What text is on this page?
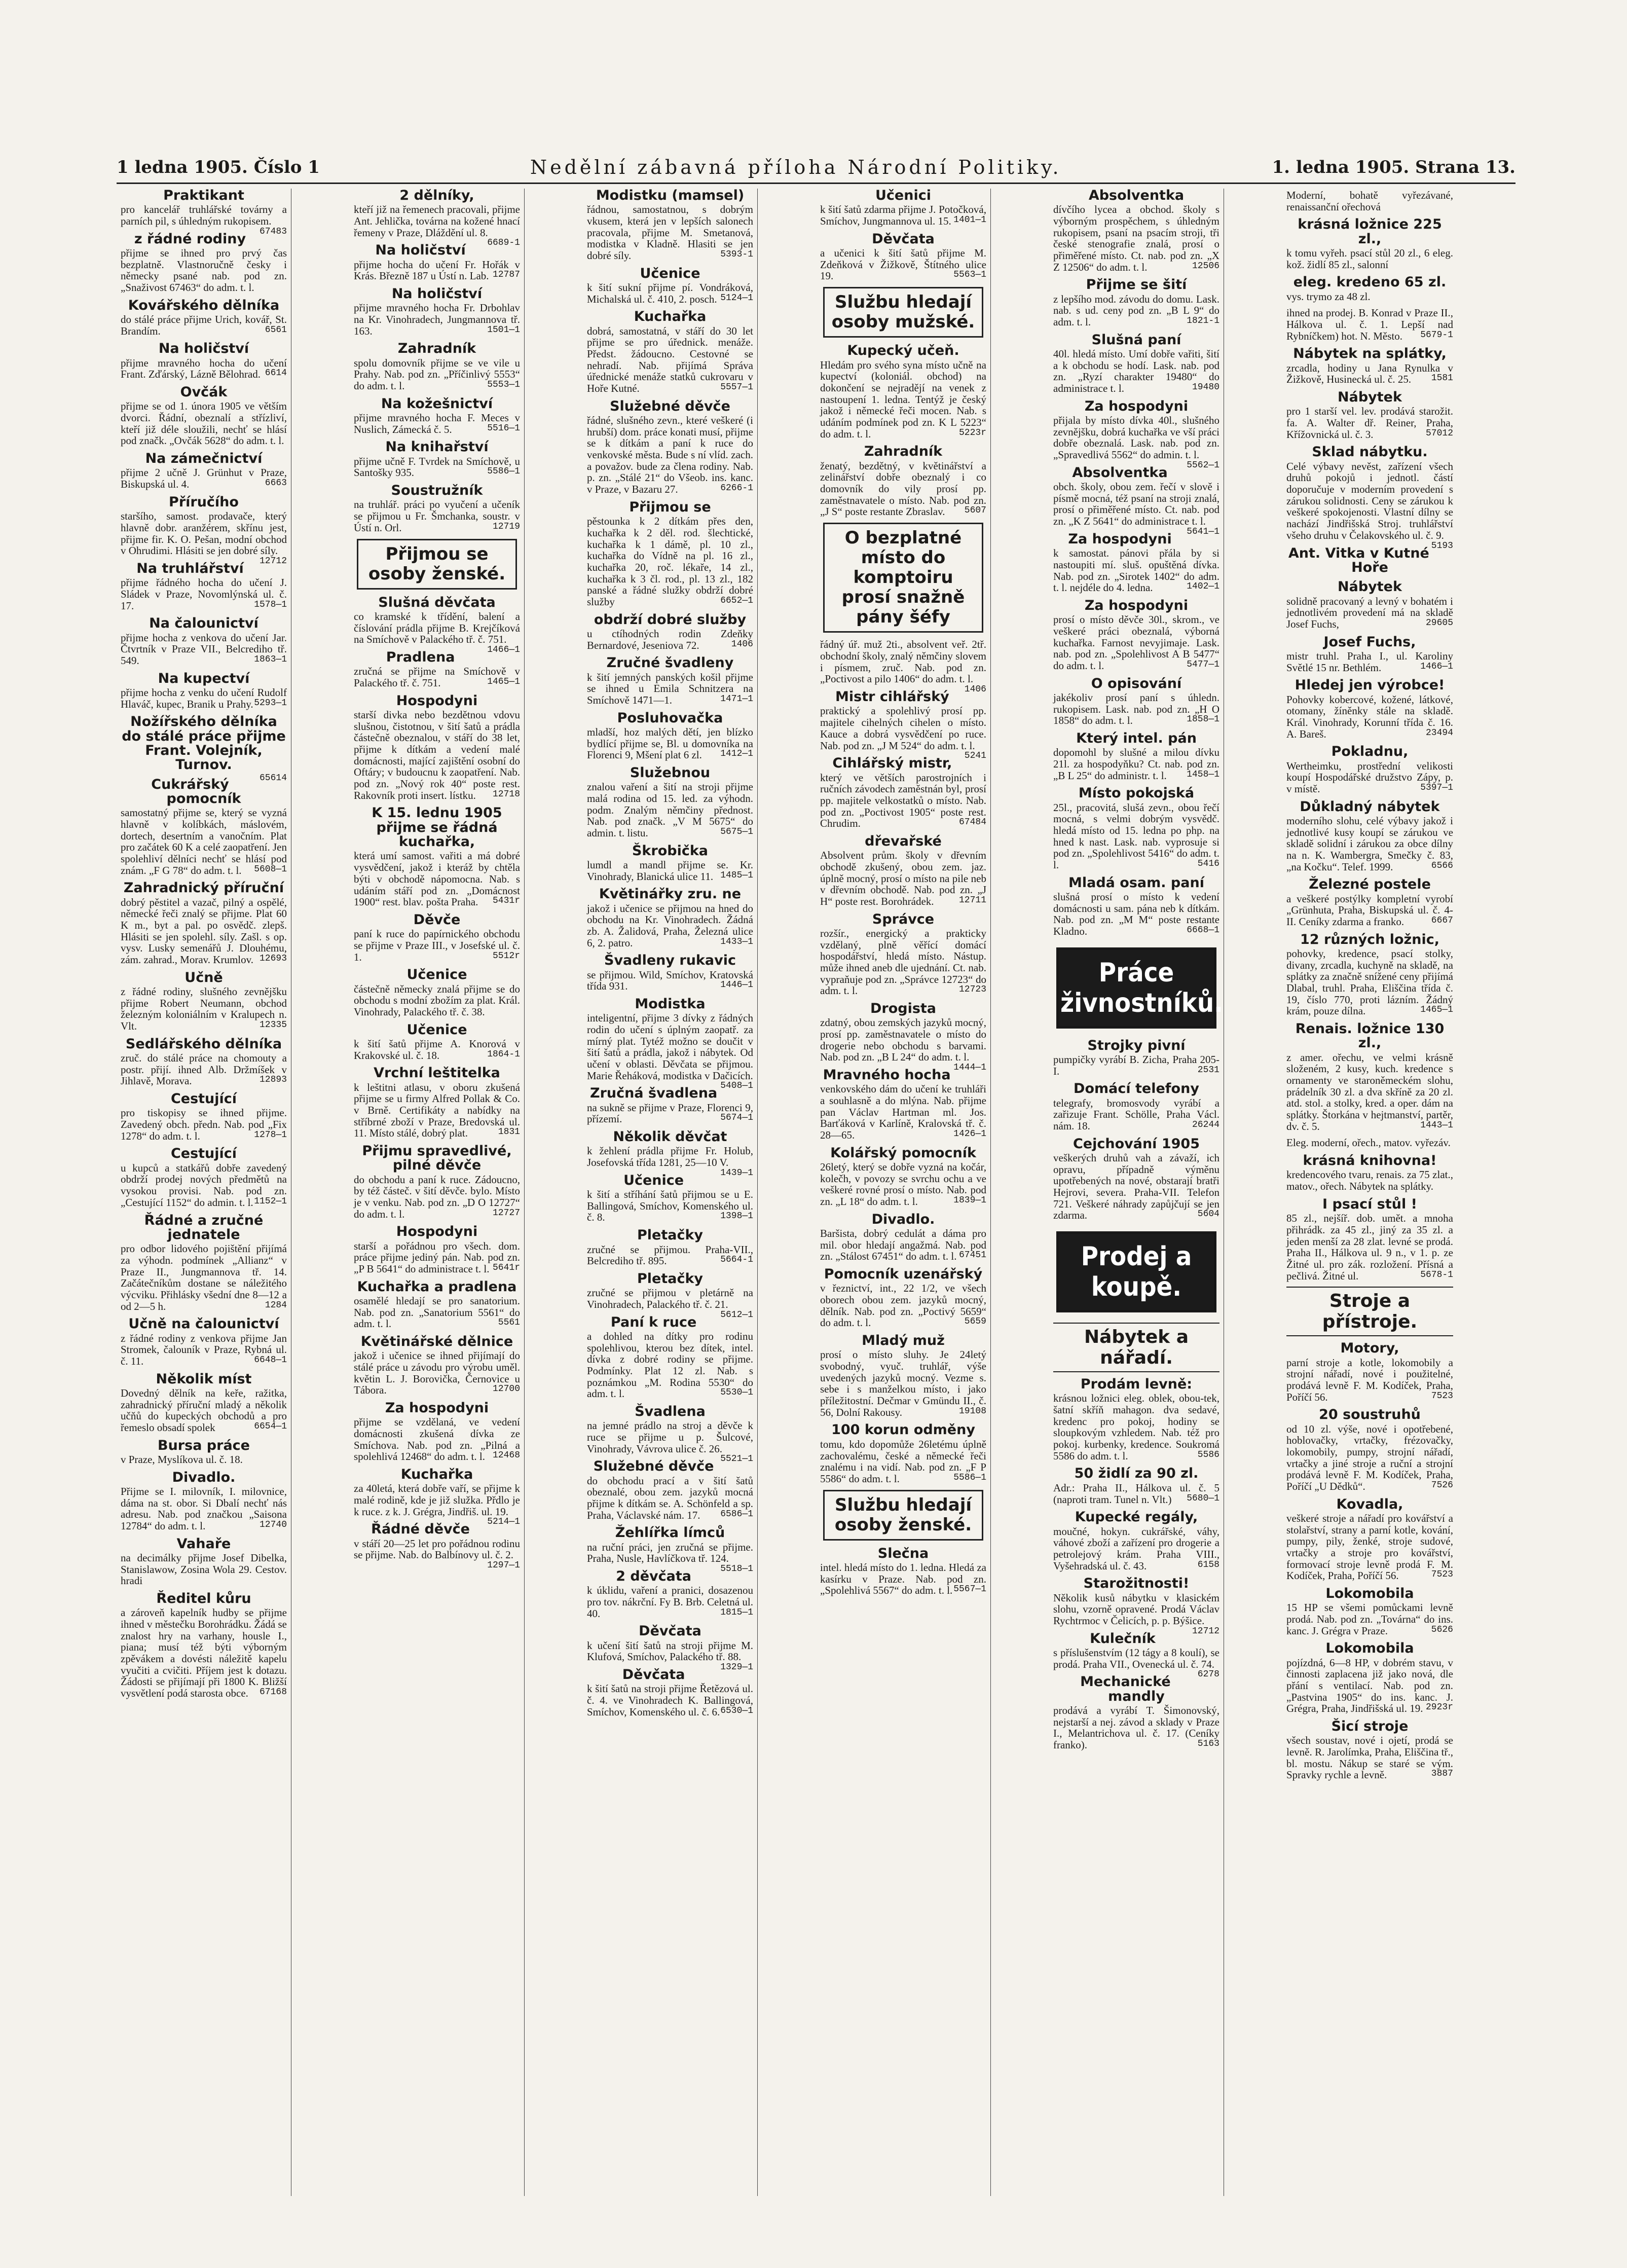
1 ledna 1905. Číslo 1	Nedělní zábavná příloha Národní Politiky.	1. ledna 1905. Strana 13.
Praktikant

pro kancelář truhlářské továrny a parních pil, s úhledným rukopisem.
67483

z řádné rodiny

přijme se ihned pro prvý čas bezplatně. Vlastnoručně česky i německy psané nab. pod zn. „Snaživost 67463“ do adm. t. l.

Kovářského dělníka

do stálé práce přijme Urich, kovář, St. Brandím.	6561

Na holičství

přijme mravného hocha do učení Frant. Zďárský, Lázně Bělohrad. 6614

Ovčák

přijme se od 1. února 1905 ve větším dvorci. Řádní, obeznalí a střízliví, kteří již déle sloužili, nechť se hlásí pod značk. „Ovčák 5628“ do adm. t. l.

Na zámečnictví

přijme 2 učně J. Grünhut v Praze, Biskupská ul. 4.	6663

Příručího

staršího, samost. prodavače, který hlavně dobr. aranžérem, skřínu jest, přijme fir. K. O. Pešan, modní obchod v Ohrudimi. Hlásiti se jen dobré síly.
12712

Na truhlářství

přijme řádného hocha do učení J. Sládek v Praze, Novomlýnská ul. č. 17.	1578—1

Na čalounictví

přijme hocha z venkova do učení Jar. Čtvrtník v Praze VII., Belcrediho tř. 549.	1863—1

Na kupectví

přijme hocha z venku do učení Rudolf Hlaváč, kupec, Branik u Prahy. 5293—1

Nožířského dělníka do stálé práce přijme Frant. Volejník, Turnov.

65614

Cukrářský pomocník

samostatný přijme se, který se vyzná hlavně v kolíbkách, máslovém, dortech, desertním a vanočním. Plat pro začátek 60 K a celé zaopatření. Jen spolehliví dělníci nechť se hlásí pod znám. „F G 78“ do adm. t. l. 5608—1

Zahradnický příruční

dobrý pěstitel a vazač, pilný a ospělé, německé řeči znalý se přijme. Plat 60 K m., byt a pal. po osvědč. zlepš. Hlásiti se jen spolehl. síly. Zašl. s op. vysv. Lusky semenářů J. Dlouhému, zám. zahrad., Morav. Krumlov. 12693

Učně

z řádné rodiny, slušného zevnějšku přijme Robert Neumann, obchod železným koloniálním v Kralupech n. Vlt.	12335

Sedlářského dělníka

zruč. do stálé práce na chomouty a postr. přijí. ihned Alb. Držmíšek v Jihlavě, Morava.	12893

Cestující

pro tiskopisy se ihned přijme. Zavedený obch. předn. Nab. pod „Fix 1278“ do adm. t. l.	1278—1

Cestující

u kupců a statkářů dobře zavedený obdrží prodej nových předmětů na vysokou provisi. Nab. pod zn. „Cestující 1152“ do admin. t. l. 1152—1

Řádné a zručné jednatele

pro odbor lidového pojištění přijímá za výhodn. podmínek „Allianz“ v Praze II., Jungmannova tř. 14. Začátečníkům dostane se náležitého výcviku. Přihlásky všední dne 8—12 a od 2—5 h.	1284

Učně na čalounictví

z řádné rodiny z venkova přijme Jan Stromek, čalouník v Praze, Rybná ul. č. 11.	6648—1

Několik míst

Dovedný dělník na keře, ražitka, zahradnický příruční mladý a několik učňů do kupeckých obchodů a pro řemeslo obsadí spolek	6654—1

Bursa práce

v Praze, Myslíkova ul. č. 18.

Divadlo.

Přijme se I. milovník, I. milovnice, dáma na st. obor. Si Dbalí nechť nás adresu. Nab. pod značkou „Saisona 12784“ do adm. t. l.	12740

Vahaře

na decimálky přijme Josef Dibelka, Stanislawow, Zosina Wola 29. Cestov. hradi

Ředitel kůru

a zároveň kapelník hudby se přijme ihned v městečku Borohrádku. Žádá se znalost hry na varhany, housle I., piana; musí též býti výborným zpěvákem a dovésti náležitě kapelu vyučiti a cvičiti. Příjem jest k dotazu. Žádosti se přijímají při 1800 K. Bližší vysvětlení podá starosta obce. 67168

2 dělníky,

kteří již na řemenech pracovali, přijme Ant. Jehlička, továrna na kožené hnací řemeny v Praze, Dláždění ul. 8.
6689-1

Na holičství

přijme hocha do učení Fr. Hořák v Krás. Březně 187 u Ústí n. Lab. 12787

Na holičství

přijme mravného hocha Fr. Drbohlav na Kr. Vinohradech, Jungmannova tř. 163.	1501—1

Zahradník

spolu domovník přijme se ve vile u Prahy. Nab. pod zn. „Příčinlivý 5553“ do adm. t. l.	5553—1

Na kožešnictví

přijme mravného hocha F. Meces v Nuslich, Zámecká č. 5.	5516—1

Na knihařství

přijme učně F. Tvrdek na Smíchově, u Santošky 935.	5586—1

Soustružník

na truhlář. práci po vyučení a učeník se přijmou u Fr. Šmchanka, soustr. v Ústí n. Orl.	12719

Přijmou se osoby ženské.
Slušná děvčata

co kramské k třídění, balení a číslování prádla přijme B. Krejčíková na Smíchově v Palackého tř. č. 751.
1466—1

Pradlena

zručná se přijme na Smíchově v Palackého tř. č. 751.	1465—1

Hospodyni

starší divka nebo bezdětnou vdovu slušnou, čistotnou, v šití šatů a prádla částečně obeznalou, v stáří do 38 let, přijme k dítkám a vedení malé domácnosti, mající zajištění osobní do Oftáry; v budoucnu k zaopatření. Nab. pod zn. „Nový rok 40“ poste rest. Rakovník proti insert. lístku. 12718

K 15. lednu 1905 přijme se řádná kuchařka,

která umí samost. vařiti a má dobré vysvědčení, jakož i kteráž by chtěla býti v obchodě nápomocna. Nab. s udáním stáří pod zn. „Domácnost 1900“ rest. blav. pošta Praha. 5431r

Děvče

paní k ruce do papírnického obchodu se přijme v Praze III., v Josefské ul. č. 1.	5512r

Učenice

částečně německy znalá přijme se do obchodu s modní zbožím za plat. Král. Vinohrady, Palackého tř. č. 38.

Učenice

k šití šatů přijme A. Knorová v Krakovské ul. č. 18.	1864-1

Vrchní leštitelka

k leštitni atlasu, v oboru zkušená přijme se u firmy Alfred Pollak & Co. v Brně. Certifikáty a nabídky na stříbrné zboží v Praze, Bredovská ul. 11. Místo stálé, dobrý plat.	1831

Přijmu spravedlivé, pilné děvče

do obchodu a paní k ruce. Zádoucno, by též částeč. v šití děvče. bylo. Místo je v venku. Nab. pod zn. „D O 12727“ do adm. t. l.	12727

Hospodyni

starší a pořádnou pro všech. dom. práce přijme jediný pán. Nab. pod zn. „P B 5641“ do administrace t. l. 5641r

Kuchařka a pradlena

osamělé hledají se pro sanatorium. Nab. pod zn. „Sanatorium 5561“ do adm. t. l.	5561

Květinářské dělnice

jakož i učenice se ihned přijímají do stálé práce u závodu pro výrobu uměl. květin L. J. Borovička, Černovice u Tábora.	12700

Za hospodyni

přijme se vzdělaná, ve vedení domácnosti zkušená dívka ze Smíchova. Nab. pod zn. „Pilná a spolehlivá 12468“ do adm. t. l. 12468

Kuchařka

za 40letá, která dobře vaří, se přijme k malé rodině, kde je již služka. Přdlo je k ruce. z k. J. Grégra, Jindřiš. ul. 19.
5214—1

Řádné děvče

v stáří 20—25 let pro pořádnou rodinu se přijme. Nab. do Balbínovy ul. č. 2.
1297—1

Modistku (mamsel)

řádnou, samostatnou, s dobrým vkusem, která jen v lepších salonech pracovala, přijme M. Smetanová, modistka v Kladně. Hlasiti se jen dobré síly.	5393-1

Učenice

k šití sukní přijme pí. Vondráková, Michalská ul. č. 410, 2. posch. 5124—1

Kuchařka

dobrá, samostatná, v stáří do 30 let přijme se pro úřednick. menáže. Předst. žádoucno. Cestovné se nehradí. Nab. přijímá Správa úřednické menáže statků cukrovaru v Hoře Kutné.	5557—1

Služebné děvče

řádné, slušného zevn., které veškeré (i hrubší) dom. práce konati musí, přijme se k dítkám a paní k ruce do venkovské města. Bude s ní vlíd. zach. a považov. bude za člena rodiny. Nab. p. zn. „Stálé 21“ do Všeob. ins. kanc. v Praze, v Bazaru 27.	6266-1

Přijmou se

pěstounka k 2 dítkám přes den, kuchařka k 2 děl. rod. šlechtické, kuchařka k 1 dámě, pl. 10 zl., kuchařka do Vídně na pl. 16 zl., kuchařka 20, roč. lékaře, 14 zl., kuchařka k 3 čl. rod., pl. 13 zl., 182 panské a řádné služky obdrží dobré služby	6652—1

obdrží dobré služby

u ctíhodných rodin Zdeňky Bernardové, Jeseniova 72.	1406

Zručné švadleny

k šití jemných panských košil přijme se ihned u Emila Schnitzera na Smíchově 1471—1.	1471—1

Posluhovačka

mladší, hoz malých dětí, jen blízko bydlící přijme se, Bl. u domovníka na Florenci 9, Mšení plat 6 zl. 1412—1

Služebnou

znalou vaření a šití na stroji přijme malá rodina od 15. led. za výhodn. podm. Znalým němčiny přednost. Nab. pod značk. „V M 5675“ do admin. t. listu.	5675—1

Škrobička

lumdl a mandl přijme se. Kr. Vinohrady, Blanická ulice 11. 1485—1

Květinářky zru. ne

jakož i učenice se přijmou na hned do obchodu na Kr. Vinohradech. Žádná zb. A. Žalidová, Praha, Železná ulice 6, 2. patro.	1433—1

Švadleny rukavic

se přijmou. Wild, Smíchov, Kratovská třída 931.	1446—1

Modistka

inteligentní, přijme 3 dívky z řádných rodin do učení s úplným zaopatř. za mírný plat. Tytéž možno se doučit v šití šatů a prádla, jakož i nábytek. Od učení v oblasti. Děvčata se přijmou. Marie Řeháková, modistka v Dačicích.
5408—1

Zručná švadlena

na sukně se přijme v Praze, Florenci 9, přízemí.	5674—1

Několik děvčat

k žehlení prádla přijme Fr. Holub, Josefovská třída 1281, 25—10 V.
1439—1

Učenice

k šití a stříhání šatů přijmou se u E. Ballingová, Smíchov, Komenského ul. č. 8.	1398—1

Pletačky

zručné se přijmou. Praha-VII., Belcrediho tř. 895.	5664-1

Pletačky

zručné se přijmou v pletárně na Vinohradech, Palackého tř. č. 21.
5612—1

Paní k ruce

a dohled na dítky pro rodinu spolehlivou, kterou bez dítek, intel. dívka z dobré rodiny se přijme. Podmínky. Plat 12 zl. Nab. s poznámkou „M. Rodina 5530“ do adm. t. l.	5530—1

Švadlena

na jemné prádlo na stroj a děvče k ruce se přijme u p. Šulcové, Vinohrady, Vávrova ulice č. 26.
5521—1

Služebné děvče

do obchodu prací a v šití šatů obeznalé, obou zem. jazyků mocná přijme k dítkám se. A. Schönfeld a sp. Praha, Václavské nám. 17. 6586—1

Žehlířka límců

na ruční práci, jen zručná se přijme. Praha, Nusle, Havlíčkova tř. 124.
5518—1

2 děvčata

k úklidu, vaření a pranici, dosazenou pro tov. nákrční. Fy B. Brb. Celetná ul. 40.	1815—1

Děvčata

k učení šití šatů na stroji přijme M. Klufová, Smíchov, Palackého tř. 88.
1329—1

Děvčata

k šití šatů na stroji přijme Řetězová ul. č. 4. ve Vinohradech K. Ballingová, Smíchov, Komenského ul. č. 6. 6530—1

Učenici

k šití šatů zdarma přijme J. Potočková, Smíchov, Jungmannova ul. 15. 1401—1

Děvčata

a učenici k šití šatů přijme M. Zdeňková v Žižkově, Štítného ulice 19.	5563—1

Službu hledají osoby mužské.
Kupecký učeň.

Hledám pro svého syna místo učně na kupectví (koloniál. obchod) na dokončení se nejradějí na venek z nastoupení 1. ledna. Tentýž je český jakož i německé řeči mocen. Nab. s udáním podmínek pod zn. K L 5223“ do adm. t. l.	5223r

Zahradník

ženatý, bezdětný, v květinářství a zelinářství dobře obeznalý i co domovník do vily prosí pp. zaměstnavatele o místo. Nab. pod zn. „J S“ poste restante Zbraslav. 5607

O bezplatné místo do komptoiru prosí snažně pány šéfy

řádný úř. muž 2ti., absolvent veř. 2tř. obchodní školy, znalý němčiny slovem i písmem, zruč. Nab. pod zn. „Poctivost a pilo 1406“ do adm. t. l.
1406

Mistr cihlářský

praktický a spolehlivý prosí pp. majitele cihelných cihelen o místo. Kauce a dobrá vysvědčení po ruce. Nab. pod zn. „J M 524“ do adm. t. l.
5241

Cihlářský mistr,

který ve větších parostrojních i ručních závodech zaměstnán byl, prosí pp. majitele velkostatků o místo. Nab. pod zn. „Poctivost 1905“ poste rest. Chrudim.	67484

dřevařské

Absolvent prům. školy v dřevním obchodě zkušený, obou zem. jaz. úplně mocný, prosí o místo na pile neb v dřevním obchodě. Nab. pod zn. „J H“ poste rest. Borohrádek.	12711

Správce

rozšír., energický a prakticky vzdělaný, plně věřící domácí hospodářství, hledá místo. Nástup. může ihned aneb dle ujednání. Ct. nab. vypraňuje pod zn. „Správce 12723“ do adm. t. l.	12723

Drogista

zdatný, obou zemských jazyků mocný, prosí pp. zaměstnavatele o místo do drogerie nebo obchodu s barvami. Nab. pod zn. „B L 24“ do adm. t. l.
1444—1

Mravného hocha

venkovského dám do učení ke truhláři a souhlasně a do mlýna. Nab. přijme pan Václav Hartman ml. Jos. Barťáková v Karlíně, Kralovská tř. č. 28—65.	1426—1

Kolářský pomocník

26letý, který se dobře vyzná na kočár, kolečh, v povozy se svrchu ochu a ve veškeré rovné prosí o místo. Nab. pod zn. „L 18“ do adm. t. l.	1839—1

Divadlo.

Baršista, dobrý cedulát a dáma pro mil. obor hledají angažmá. Nab. pod zn. „Stálost 67451“ do adm. t. l. 67451

Pomocník uzenářský

v řeznictví, int., 22 1/2, ve všech oborech obou zem. jazyků mocný, dělník. Nab. pod zn. „Poctivý 5659“ do adm. t. l.	5659

Mladý muž

prosí o místo sluhy. Je 24letý svobodný, vyuč. truhlář, výše uvedených jazyků mocný. Vezme s. sebe i s manželkou místo, i jako příležitostní. Dečmar v Gmündu II., č. 56, Dolní Rakousy.	19108

100 korun odměny

tomu, kdo dopomůže 26letému úplně zachovalému, české a německé řeči znalému i na vidí. Nab. pod zn. „F P 5586“ do adm. t. l.	5586—1

Službu hledají osoby ženské.
Slečna

intel. hledá místo do 1. ledna. Hledá za kasírku v Praze. Nab. pod zn. „Spolehlivá 5567“ do adm. t. l. 5567—1

Absolventka

dívčího lycea a obchod. školy s výborným prospěchem, s úhledným rukopisem, psaní na psacím stroji, tři české stenografie znalá, prosí o přiměřené místo. Ct. nab. pod zn. „X Z 12506“ do adm. t. l.	12506

Přijme se šití

z lepšího mod. závodu do domu. Lask. nab. s ud. ceny pod zn. „B L 9“ do adm. t. l.	1821-1

Slušná paní

40l. hledá místo. Umí dobře vařiti, šití a k obchodu se hodí. Lask. nab. pod zn. „Ryzí charakter 19480“ do administrace t. l.	19480

Za hospodyni

přijala by místo dívka 40l., slušného zevnějšku, dobrá kuchařka ve vší práci dobře obeznalá. Lask. nab. pod zn. „Spravedlivá 5562“ do admin. t. l.
5562—1

Absolventka

obch. školy, obou zem. řečí v slově i písmě mocná, též psaní na stroji znalá, prosí o přiměřené místo. Ct. nab. pod zn. „K Z 5641“ do administrace t. l.
5641—1

Za hospodyni

k samostat. pánovi přála by si nastoupiti mí. sluš. opuštěná dívka. Nab. pod zn. „Sirotek 1402“ do adm. t. l. nejdéle do 4. ledna.	1402—1

Za hospodyni

prosí o místo děvče 30l., skrom., ve veškeré práci obeznalá, výborná kuchařka. Farnost nevyjimaje. Lask. nab. pod zn. „Spolehlivost A B 5477“ do adm. t. l.	5477—1

O opisování

jakékoliv prosí paní s úhledn. rukopisem. Lask. nab. pod zn. „H O 1858“ do adm. t. l.	1858—1

Který intel. pán

dopomohl by slušné a milou dívku 21l. za hospodyňku? Ct. nab. pod zn. „B L 25“ do administr. t. l. 1458—1

Místo pokojská

25l., pracovitá, slušá zevn., obou řečí mocná, s velmi dobrým vysvědč. hledá místo od 15. ledna po php. na hned k nast. Lask. nab. vyprosuje si pod zn. „Spolehlivost 5416“ do adm. t. l.	5416

Mladá osam. paní

slušná prosí o místo k vedení domácnosti u sam. pána neb k dítkám. Nab. pod zn. „M M“ poste restante Kladno.	6668—1

Práce živnostníků.
Strojky pivní

pumpičky vyrábí B. Zicha, Praha 205-I.	2531

Domácí telefony

telegrafy, bromosvody vyrábí a zařizuje Frant. Schölle, Praha Václ. nám. 18.	26244

Cejchování 1905

veškerých druhů vah a závaží, ich opravu, případně výměnu upotřebených na nové, obstarají bratři Hejrovi, severa. Praha-VII. Telefon 721. Veškeré náhrady zapůjčují se jen zdarma.	5604

Prodej a koupě.
Nábytek a nářadí.
Prodám levně:

krásnou ložnici eleg. oblek, obou-tek, šatní skříň mahagon. dva sedavé, kredenc pro pokoj, hodiny se sloupkovým vzhledem. Nab. též pro pokoj. kurbenky, kredence. Soukromá 5586 do adm. t. l.	5586

50 židlí za 90 zl.

Adr.: Praha II., Hálkova ul. č. 5 (naproti tram. Tunel n. Vlt.) 5680—1

Kupecké regály,

moučné, hokyn. cukrářské, váhy, váhové zboží a zařízení pro drogerie a petrolejový krám. Praha VIII., Vyšehradská ul. č. 43.	6158

Starožitnosti!

Několik kusů nábytku v klasickém slohu, vzorně opravené. Prodá Václav Rychtrmoc v Čelicích, p. p. Býšice.
12712

Kulečník

s příslušenstvím (12 tágy a 8 koulí), se prodá. Praha VII., Ovenecká ul. č. 74.
6278

Mechanické mandly

prodává a vyrábí T. Šimonovský, nejstarší a nej. závod a sklady v Praze I., Melantrichova ul. č. 17. (Ceníky franko).	5163

Moderní, bohatě vyřezávané, renaissanční ořechová

krásná ložnice 225 zl.,

k tomu vyřeh. psací stůl 20 zl., 6 eleg. kož. židlí 85 zl., salonní

eleg. kredeno 65 zl.

vys. trymo za 48 zl.

ihned na prodej. B. Konrad v Praze II., Hálkova ul. č. 1. Lepší nad Rybníčkem) hot. N. Město. 5679-1

Nábytek na splátky,

zrcadla, hodiny u Jana Rynulka v Žižkově, Husinecká ul. č. 25. 1581

Nábytek

pro 1 starší vel. lev. prodává starožit. fa. A. Walter dř. Reiner, Praha, Křížovnická ul. č. 3.	57012

Sklad nábytku.

Celé výbavy nevěst, zařízení všech druhů pokojů i jednotl. částí doporučuje v moderním provedení s zárukou solidnosti. Ceny se zárukou k veškeré spokojenosti. Vlastní dílny se nachází Jindřišská Stroj. truhlářství všeho druhu v Čelakovského ul. č. 9.
5193

Ant. Vitka v Kutné Hoře
Nábytek

solidně pracovaný a levný v bohatém i jednotlivém provedení má na skladě Josef Fuchs,	29605

Josef Fuchs,

mistr truhl. Praha I., ul. Karoliny Světlé 15 nr. Bethlém.	1466—1

Hledej jen výrobce!

Pohovky kobercové, kožené, látkové, otomany, žíněnky stále na skladě. Král. Vinohrady, Korunní třída č. 16. A. Bareš.	23494

Pokladnu,

Wertheimku, prostřední velikosti koupí Hospodářské družstvo Zápy, p. v místě.	5397—1

Důkladný nábytek

moderního slohu, celé výbavy jakož i jednotlivé kusy koupí se zárukou ve skladě solidní i zárukou za obce dílny na n. K. Wambergra, Smečky č. 83, „na Kočku“. Telef. 1999.	6566

Železné postele

a veškeré postýlky kompletní vyrobí „Grünhuta, Praha, Biskupská ul. č. 4-II. Ceníky zdarma a franko.	6667

12 různých ložnic,

pohovky, kredence, psací stolky, divany, zrcadla, kuchyně na skladě, na splátky za značně snížené ceny přijímá Dlabal, truhl. Praha, Eliščina třída č. 19, číslo 770, proti lázním. Žádný krám, pouze dílna.	1465—1

Renais. ložnice 130 zl.,

z amer. ořechu, ve velmi krásně složeném, 2 kusy, kuch. kredence s ornamenty ve staroněmeckém slohu, prádelník 30 zl. a dva skříně za 20 zl. atd. stol. a stolky, kred. a oper. dám na splátky. Štorkána v hejtmanství, partěr, dv. č. 5.	1443—1

Eleg. moderní, ořech., matov. vyřezáv.

krásná knihovna!

kredencového tvaru, renais. za 75 zlat., matov., ořech. Nábytek na splátky.

I psací stůl !

85 zl., nejšíř. dob. umět. a mnoha přihrádk. za 45 zl., jiný za 35 zl. a jeden menší za 28 zlat. levné se prodá. Praha II., Hálkova ul. 9 n., v 1. p. ze Žitné ul. pro zák. rozložení. Přísná a pečlivá. Žitné ul.	5678-1

Stroje a přístroje.
Motory,

parní stroje a kotle, lokomobily a strojní nářadí, nové i použitelné, prodává levně F. M. Kodíček, Praha, Poříčí 56.	7523

20 soustruhů

od 10 zl. výše, nové i opotřebené, hoblovačky, vrtačky, frézovačky, lokomobily, pumpy, strojní nářadí, vrtačky a jiné stroje a ruční a strojní prodává levně F. M. Kodíček, Praha, Poříčí „U Dědků“.	7526

Kovadla,

veškeré stroje a nářadí pro kovářství a stolařství, strany a parní kotle, kování, pumpy, pily, ženké, stroje sudové, vrtačky a stroje pro kovářství, formovací stroje levně prodá F. M. Kodíček, Praha, Poříčí 56.	7523

Lokomobila

15 HP se všemi pomůckami levně prodá. Nab. pod zn. „Továrna“ do ins. kanc. J. Grégra v Praze.	5626

Lokomobila

pojízdná, 6—8 HP, v dobrém stavu, v činnosti zaplacena již jako nová, dle přání s ventilací. Nab. pod zn. „Pastvina 1905“ do ins. kanc. J. Grégra, Praha, Jindřišská ul. 19. 2923r

Šicí stroje

všech soustav, nové i ojetí, prodá se levně. R. Jarolímka, Praha, Eliščina tř., bl. mostu. Nákup se staré se vým. Spravky rychle a levně.	3887
